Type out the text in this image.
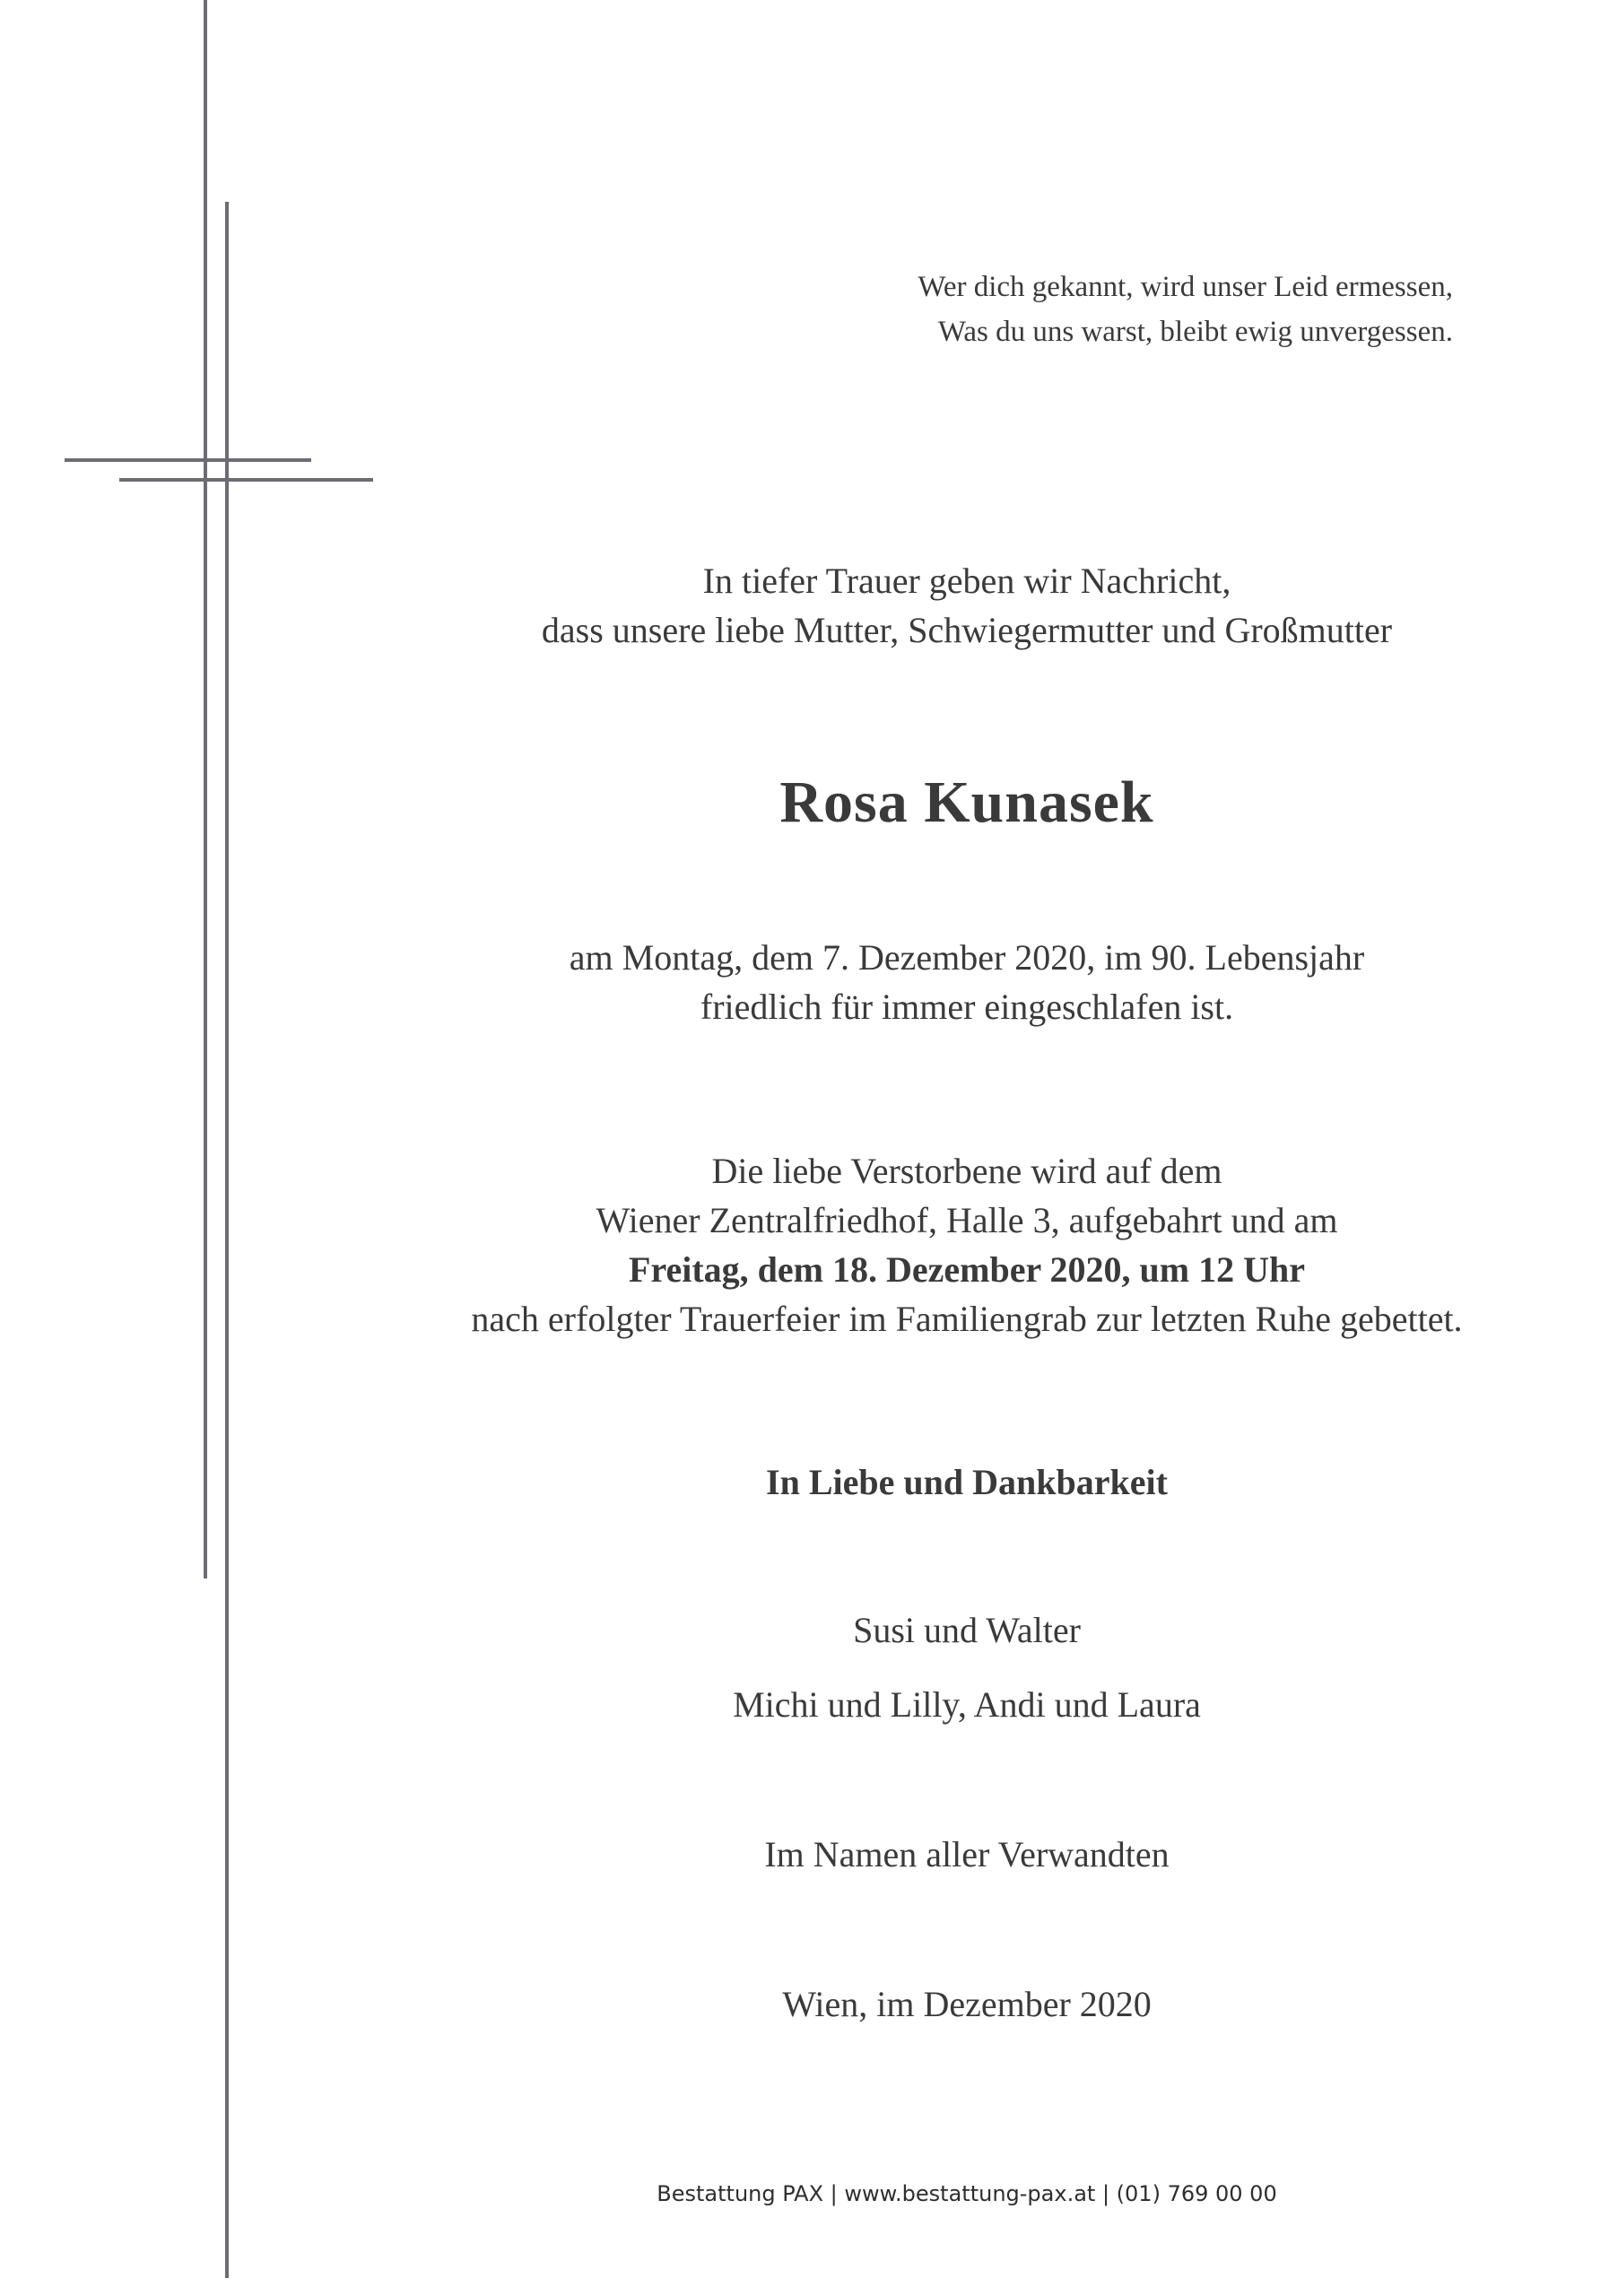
Wer dich gekannt, wird unser Leid ermessen,
Was du uns warst, bleibt ewig unvergessen.
In tiefer Trauer geben wir Nachricht,
dass unsere liebe Mutter, Schwiegermutter und Großmutter
Rosa Kunasek
am Montag, dem 7. Dezember 2020, im 90. Lebensjahr
friedlich für immer eingeschlafen ist.
Die liebe Verstorbene wird auf dem
Wiener Zentralfriedhof, Halle 3, aufgebahrt und am
Freitag, dem 18. Dezember 2020, um 12 Uhr
nach erfolgter Trauerfeier im Familiengrab zur letzten Ruhe gebettet.
In Liebe und Dankbarkeit
Susi und Walter
Michi und Lilly, Andi und Laura
Im Namen aller Verwandten
Wien, im Dezember 2020
Bestattung PAX | www.bestattung-pax.at | (01) 769 00 00
